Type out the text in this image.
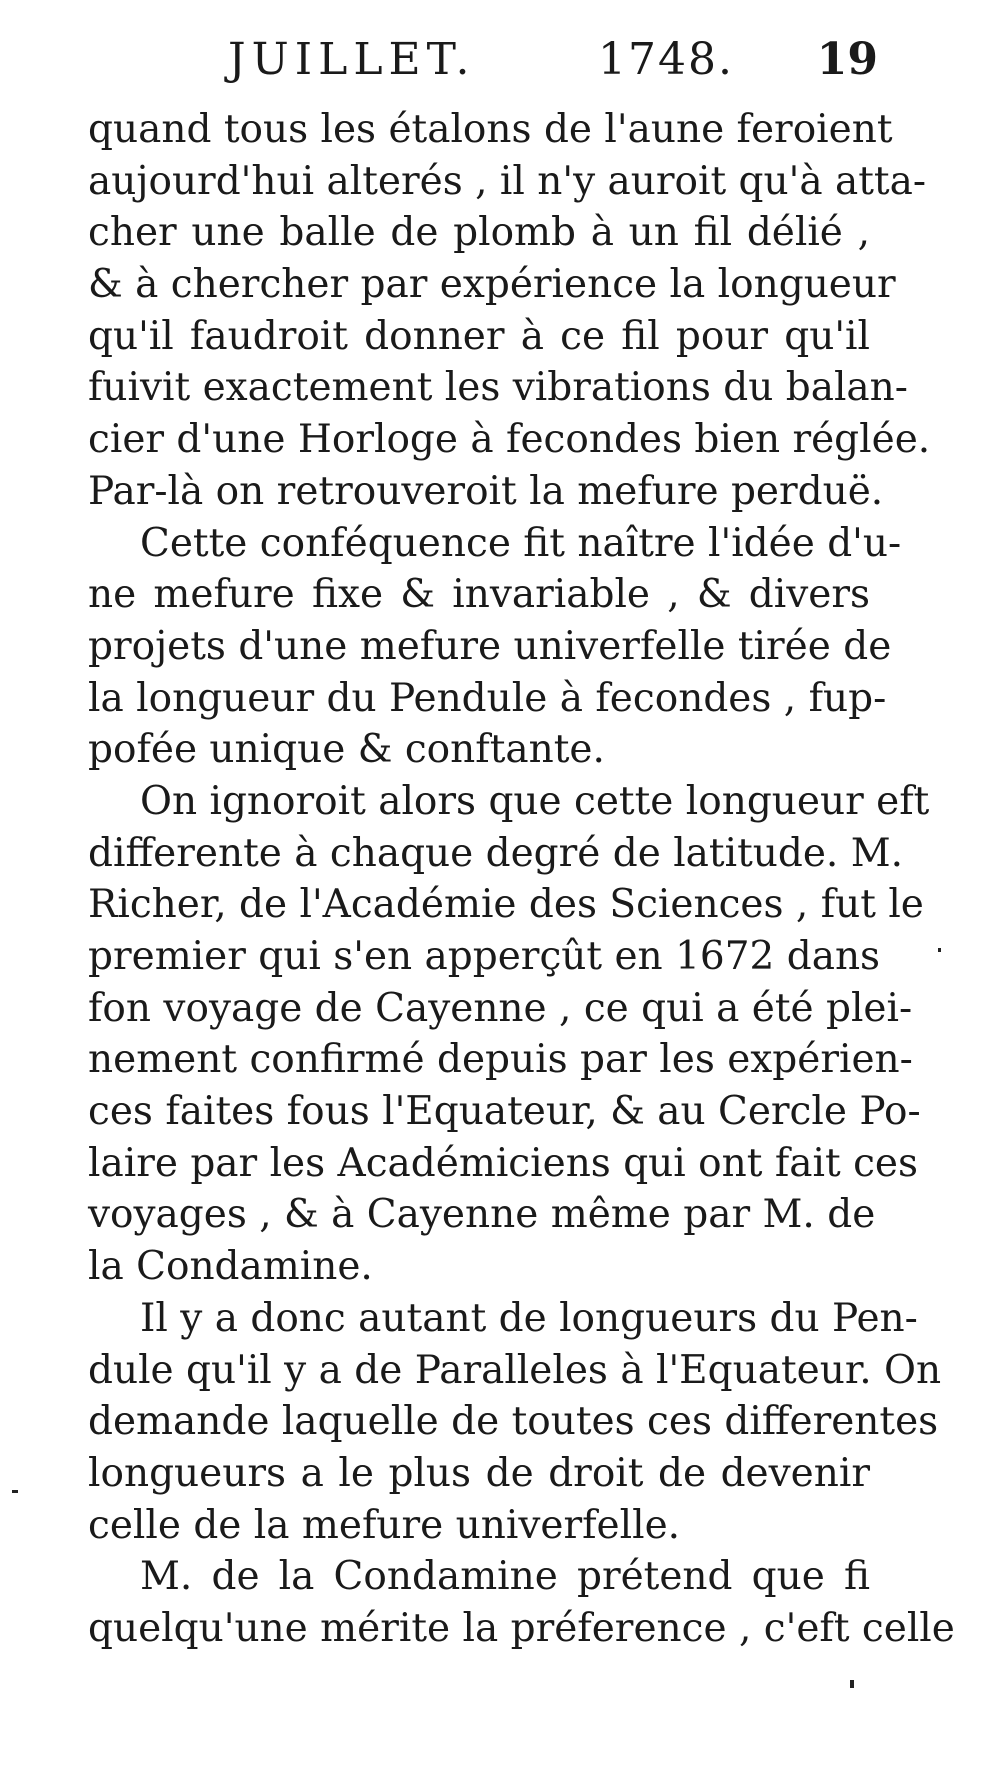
JUILLET.	1748. 19
quand tous les étalons de l'aune feroient
aujourd'hui alterés , il n'y auroit qu'à atta-
cher une balle de plomb à un fil délié ,
& à chercher par expérience la longueur
qu'il faudroit donner à ce fil pour qu'il
fuivit exactement les vibrations du balan-
cier d'une Horloge à fecondes bien réglée.
Par-là on retrouveroit la mefure perduë.
Cette conféquence fit naître l'idée d'u-
ne mefure fixe & invariable , & divers
projets d'une mefure univerfelle tirée de
la longueur du Pendule à fecondes , fup-
pofée unique & conftante.
On ignoroit alors que cette longueur eft
differente à chaque degré de latitude. M.
Richer, de l'Académie des Sciences , fut le
premier qui s'en apperçût en 1672 dans
fon voyage de Cayenne , ce qui a été plei-
nement confirmé depuis par les expérien-
ces faites fous l'Equateur, & au Cercle Po-
laire par les Académiciens qui ont fait ces
voyages , & à Cayenne même par M. de
la Condamine.
Il y a donc autant de longueurs du Pen-
dule qu'il y a de Paralleles à l'Equateur. On
demande laquelle de toutes ces differentes
longueurs a le plus de droit de devenir
celle de la mefure univerfelle.
M. de la Condamine prétend que fi
quelqu'une mérite la préference , c'eft celle
